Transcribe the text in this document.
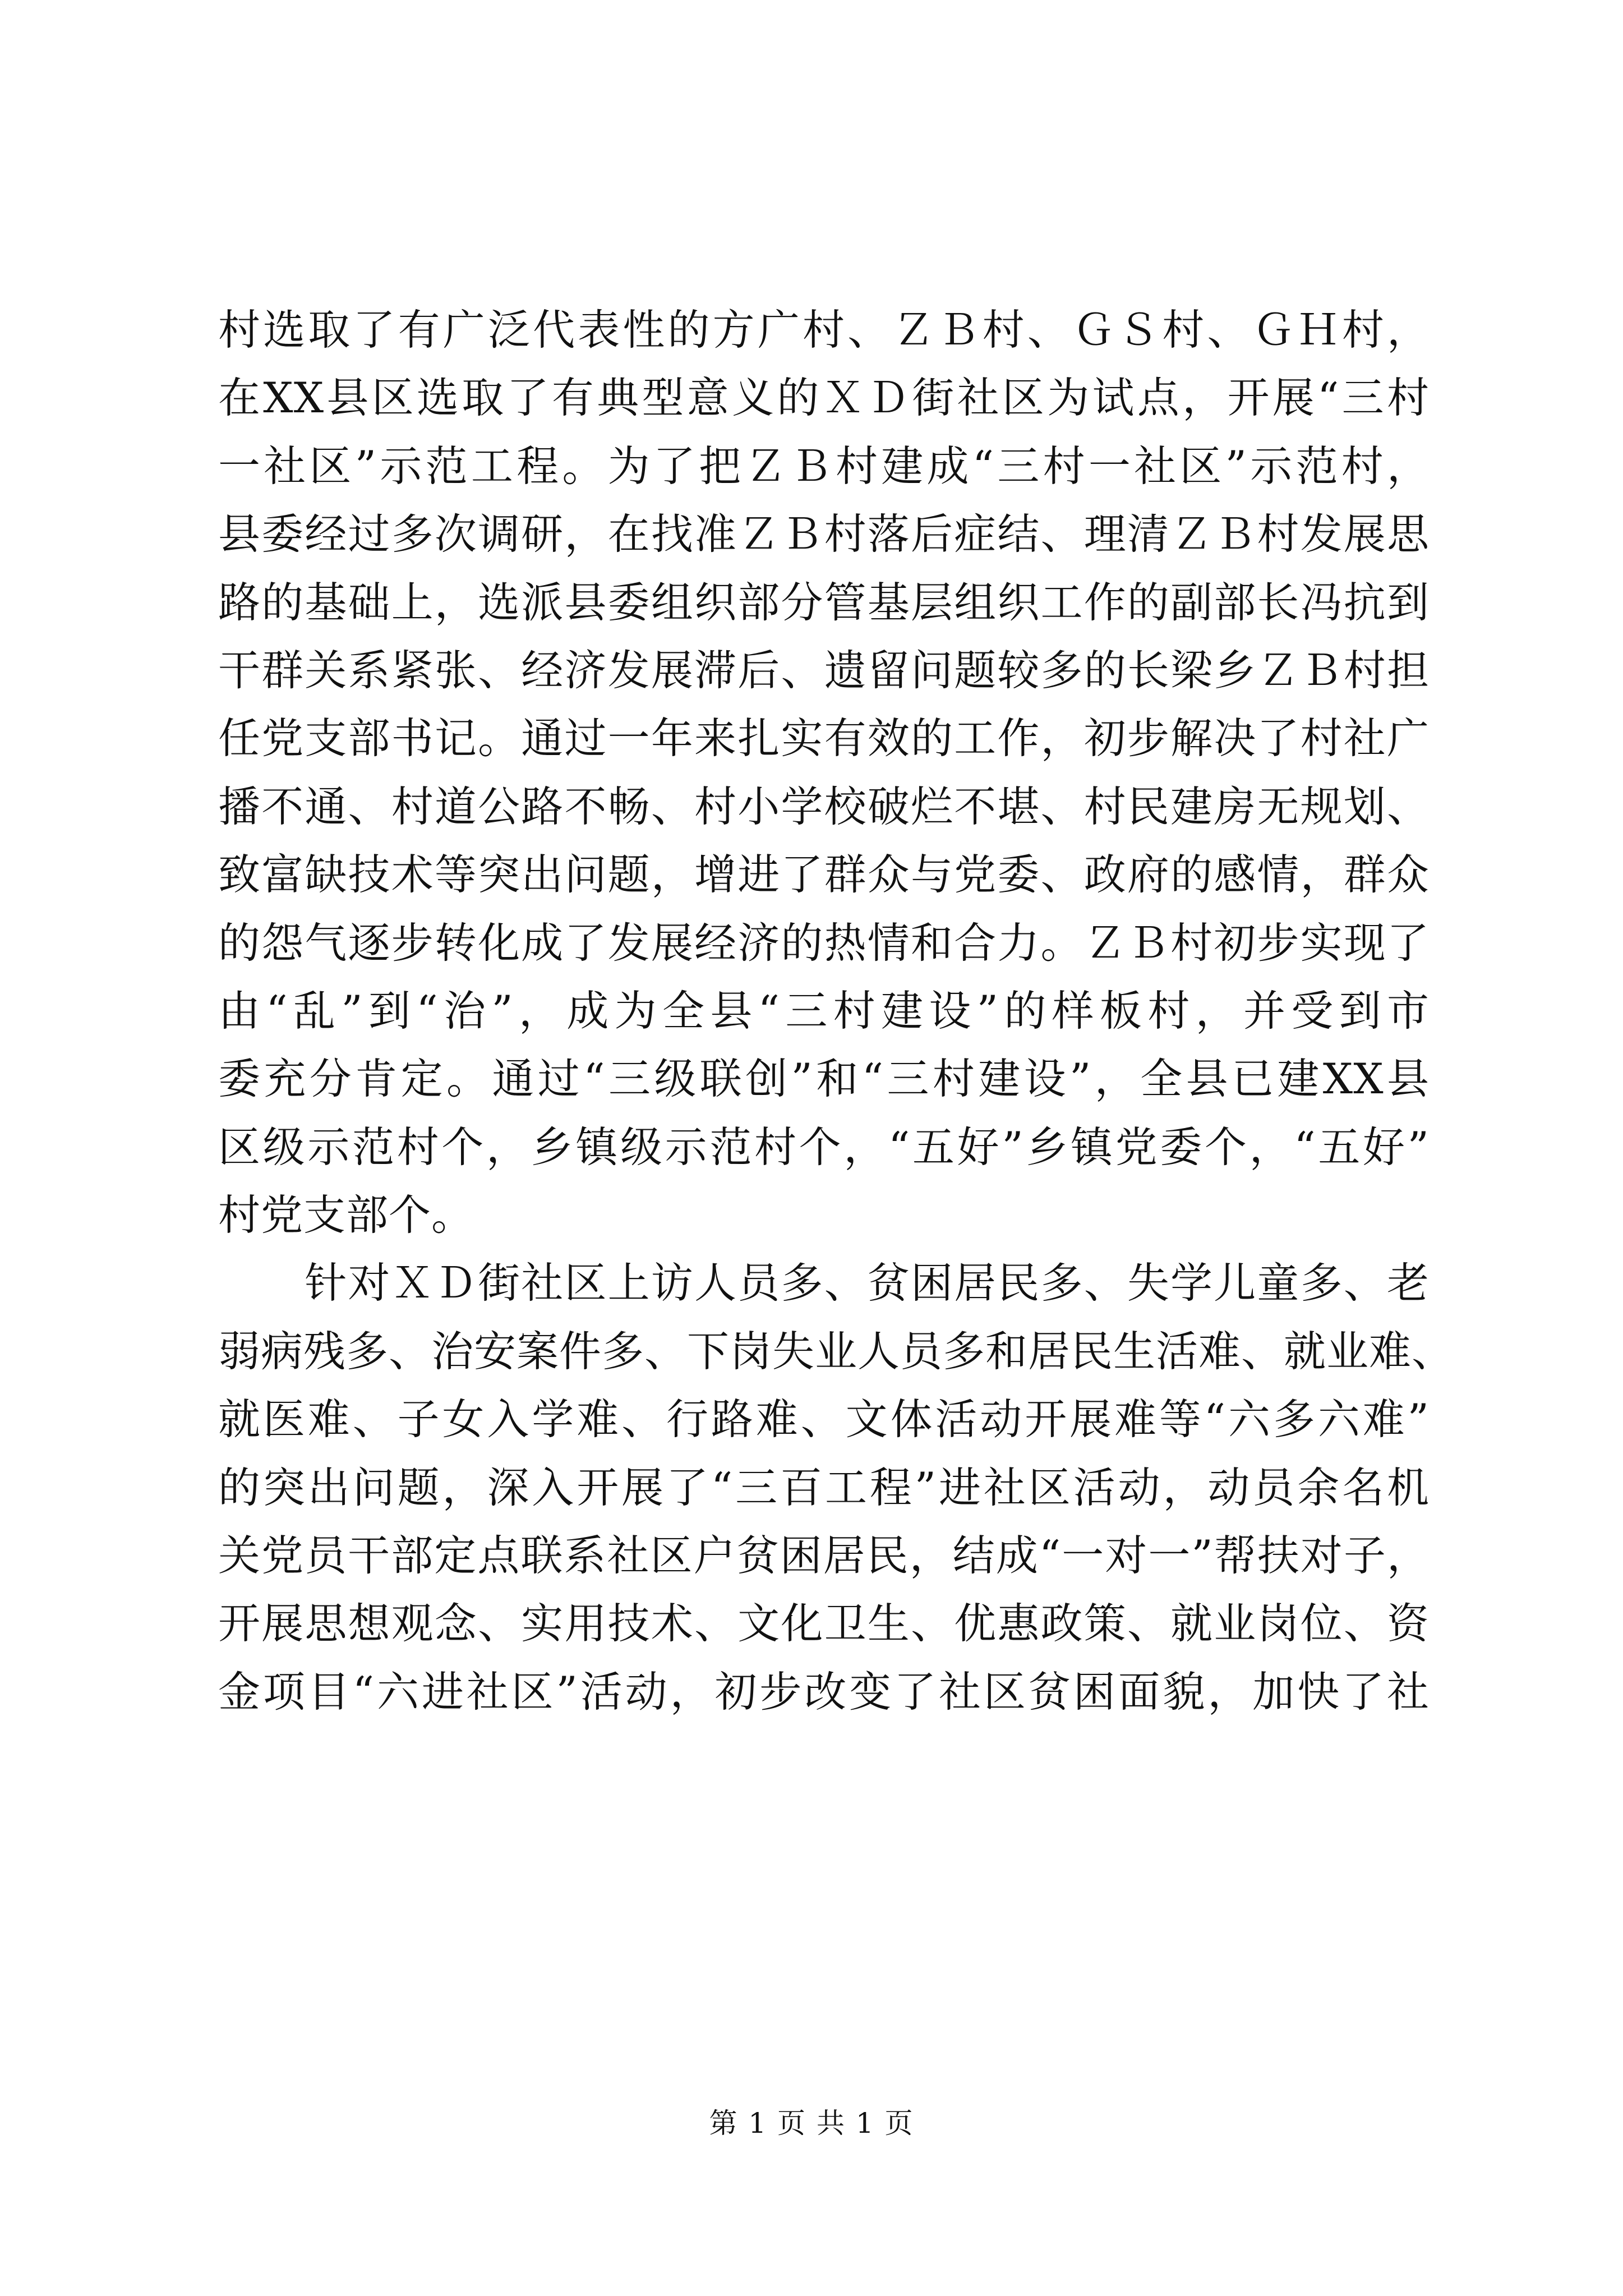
村选取了有广泛代表性的方广村、ＺＢ村、ＧＳ村、ＧＨ村，
在XX县区选取了有典型意义的ＸＤ街社区为试点，开展“三村
一社区”示范工程。为了把ＺＢ村建成“三村一社区”示范村，
县委经过多次调研，在找准ＺＢ村落后症结、理清ＺＢ村发展思
路的基础上，选派县委组织部分管基层组织工作的副部长冯抗到
干群关系紧张、经济发展滞后、遗留问题较多的长梁乡ＺＢ村担
任党支部书记。通过一年来扎实有效的工作，初步解决了村社广
播不通、村道公路不畅、村小学校破烂不堪、村民建房无规划、
致富缺技术等突出问题，增进了群众与党委、政府的感情，群众
的怨气逐步转化成了发展经济的热情和合力。ＺＢ村初步实现了
由“乱”到“治”，成为全县“三村建设”的样板村，并受到市
委充分肯定。通过“三级联创”和“三村建设”，全县已建XX县
区级示范村个，乡镇级示范村个，“五好”乡镇党委个，“五好”
村党支部个。
　　针对ＸＤ街社区上访人员多、贫困居民多、失学儿童多、老
弱病残多、治安案件多、下岗失业人员多和居民生活难、就业难、
就医难、子女入学难、行路难、文体活动开展难等“六多六难”
的突出问题，深入开展了“三百工程”进社区活动，动员余名机
关党员干部定点联系社区户贫困居民，结成“一对一”帮扶对子，
开展思想观念、实用技术、文化卫生、优惠政策、就业岗位、资
金项目“六进社区”活动，初步改变了社区贫困面貌，加快了社
第 1 页 共 1 页
